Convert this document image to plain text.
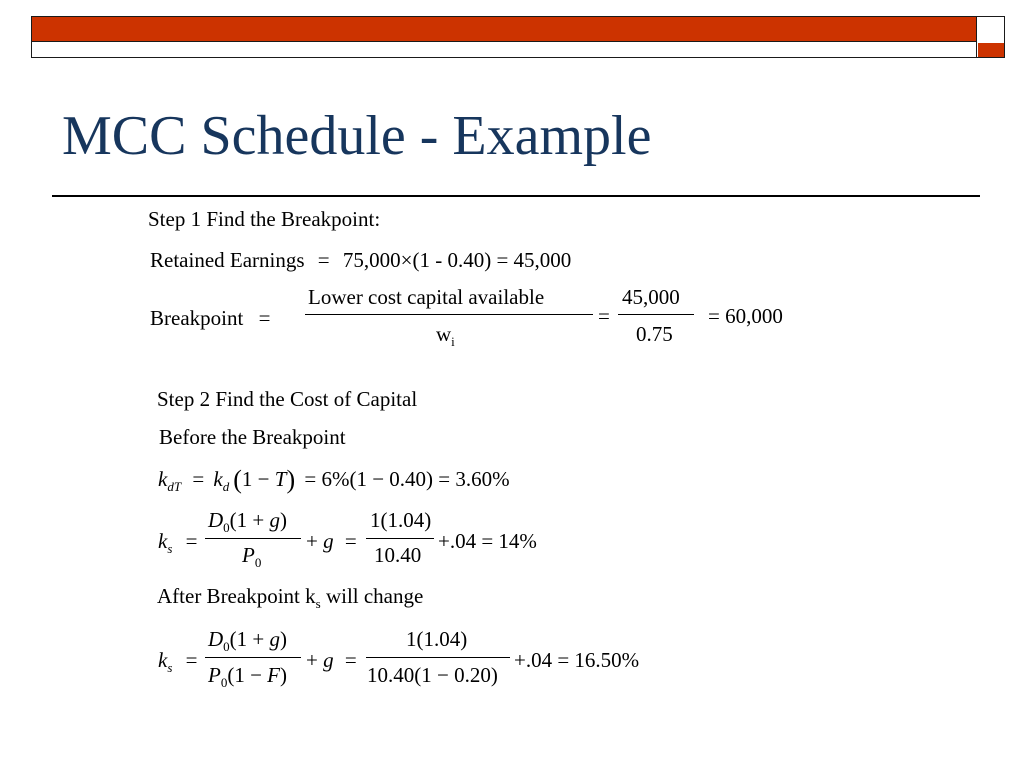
MCC Schedule - Example
Step 1 Find the Breakpoint:
Retained Earnings = 75,000×(1 - 0.40) = 45,000
Breakpoint =
Lower cost capital available
$w_i$
=
45,000
0.75
= 60,000
Step 2 Find the Cost of Capital
Before the Breakpoint
$k_{dT} = k_d$ (1 − T) = 6%(1 − 0.40) = 3.60%
$k_s$ =
$D_0(1 + g)$
$P_0$
+ g =
1(1.04)
10.40
+.04 = 14%
After Breakpoint $k_s$ will change
$k_s$ =
$D_0(1 + g)$
$P_0(1 - F)$
+ g =
1(1.04)
10.40(1 − 0.20)
+.04 = 16.50%
